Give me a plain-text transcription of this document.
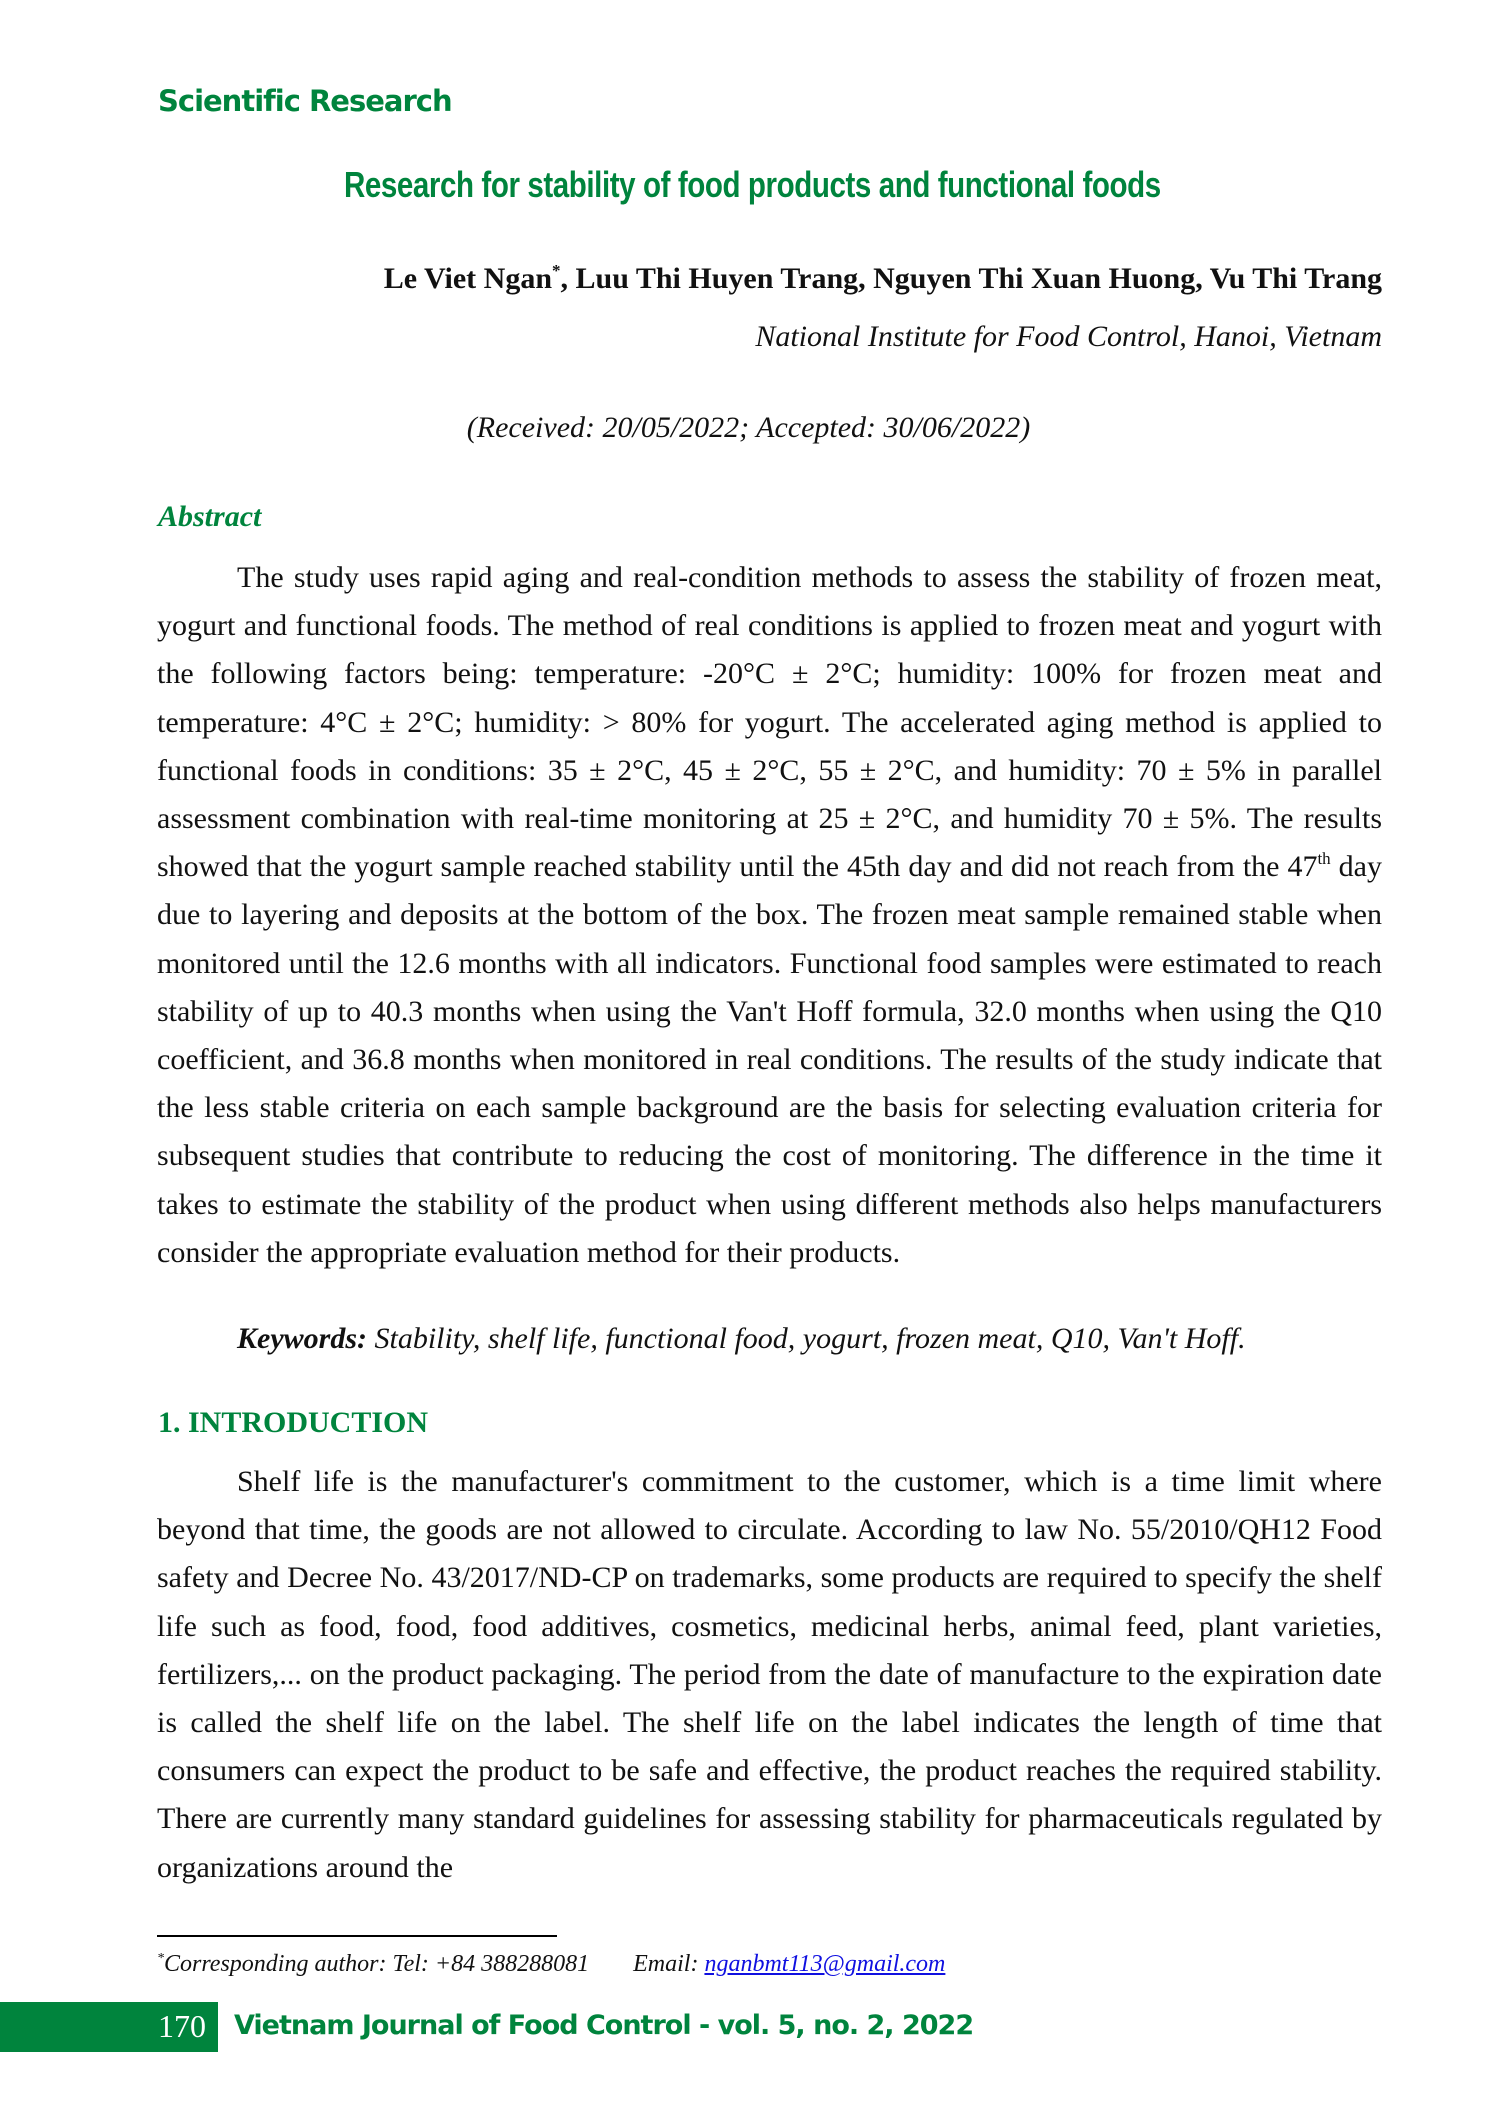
Scientific Research
Research for stability of food products and functional foods
Le Viet Ngan*, Luu Thi Huyen Trang, Nguyen Thi Xuan Huong, Vu Thi Trang
National Institute for Food Control, Hanoi, Vietnam
(Received: 20/05/2022; Accepted: 30/06/2022)
Abstract

The study uses rapid aging and real-condition methods to assess the stability of frozen meat, yogurt and functional foods. The method of real conditions is applied to frozen meat and yogurt with the following factors being: temperature: -20°C ± 2°C; humidity: 100% for frozen meat and temperature: 4°C ± 2°C; humidity: > 80% for yogurt. The accelerated aging method is applied to functional foods in conditions: 35 ± 2°C, 45 ± 2°C, 55 ± 2°C, and humidity: 70 ± 5% in parallel assessment combination with real-time monitoring at 25 ± 2°C, and humidity 70 ± 5%. The results showed that the yogurt sample reached stability until the 45th day and did not reach from the 47th day due to layering and deposits at the bottom of the box. The frozen meat sample remained stable when monitored until the 12.6 months with all indicators. Functional food samples were estimated to reach stability of up to 40.3 months when using the Van't Hoff formula, 32.0 months when using the Q10 coefficient, and 36.8 months when monitored in real conditions. The results of the study indicate that the less stable criteria on each sample background are the basis for selecting evaluation criteria for subsequent studies that contribute to reducing the cost of monitoring. The difference in the time it takes to estimate the stability of the product when using different methods also helps manufacturers consider the appropriate evaluation method for their products.

Keywords: Stability, shelf life, functional food, yogurt, frozen meat, Q10, Van't Hoff.
1. INTRODUCTION

Shelf life is the manufacturer's commitment to the customer, which is a time limit where beyond that time, the goods are not allowed to circulate. According to law No. 55/2010/QH12 Food safety and Decree No. 43/2017/ND-CP on trademarks, some products are required to specify the shelf life such as food, food, food additives, cosmetics, medicinal herbs, animal feed, plant varieties, fertilizers,... on the product packaging. The period from the date of manufacture to the expiration date is called the shelf life on the label. The shelf life on the label indicates the length of time that consumers can expect the product to be safe and effective, the product reaches the required stability. There are currently many standard guidelines for assessing stability for pharmaceuticals regulated by organizations around the

*Corresponding author: Tel: +84 388288081 Email: nganbmt113@gmail.com
170 Vietnam Journal of Food Control - vol. 5, no. 2, 2022
